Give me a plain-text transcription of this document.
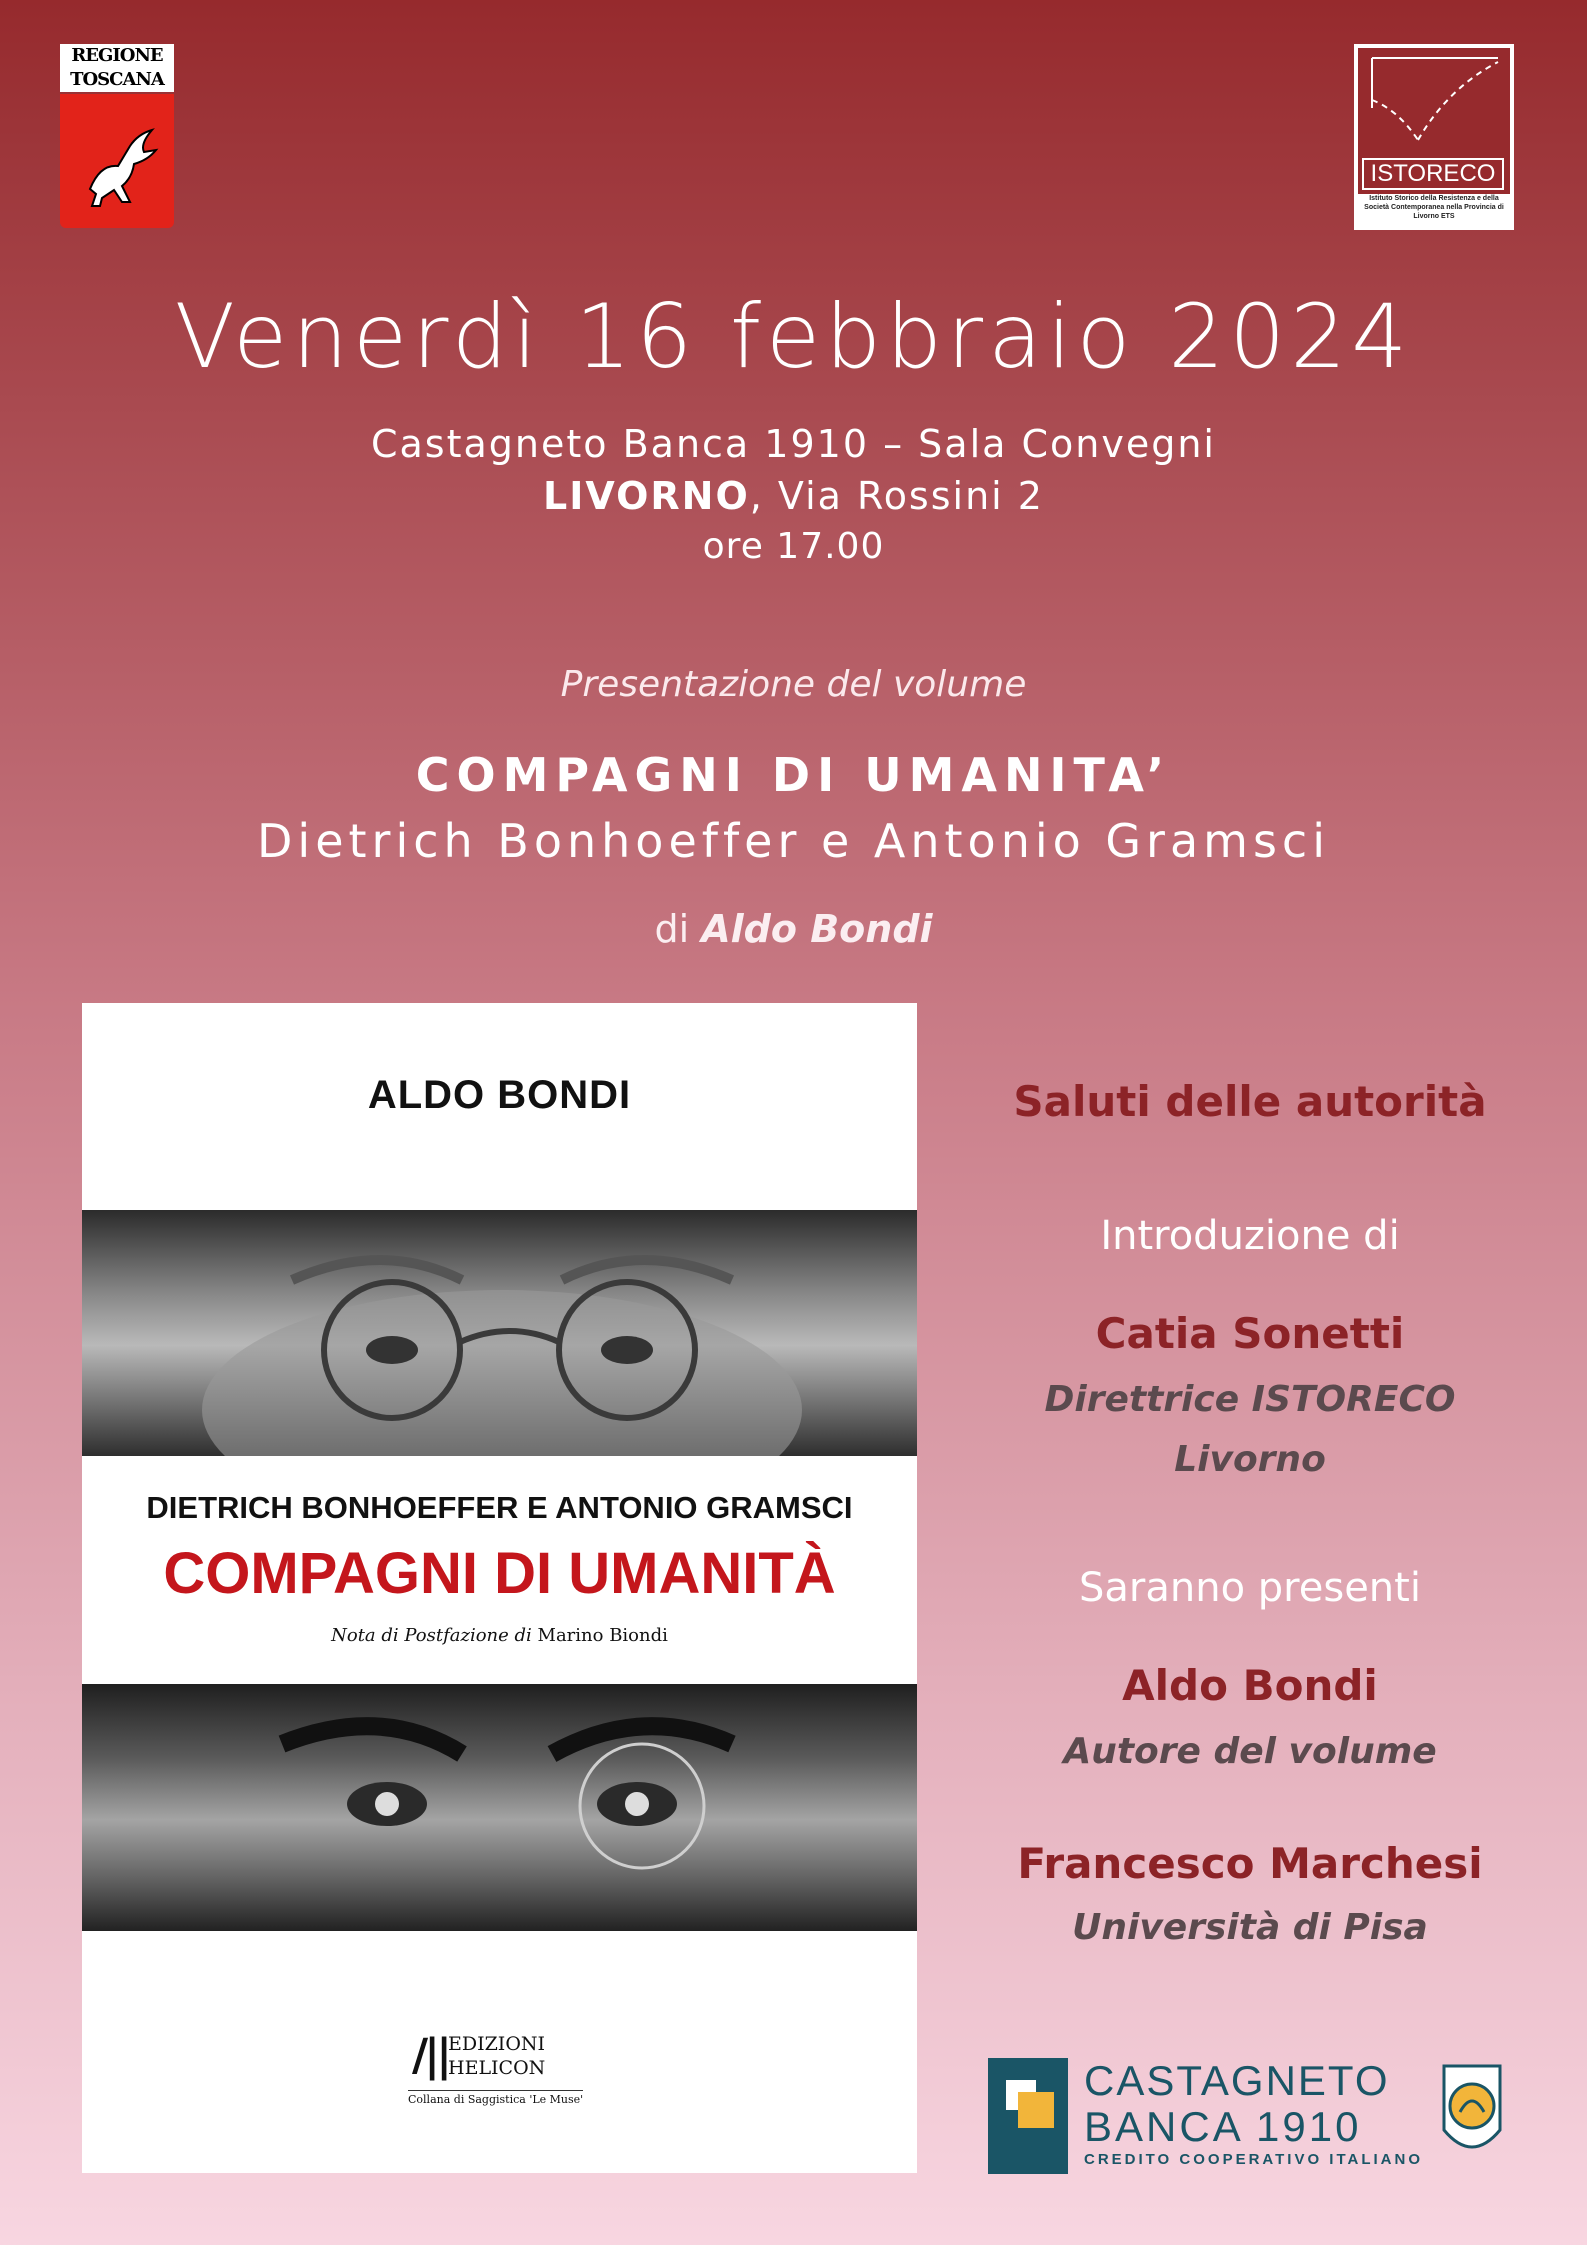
REGIONE
TOSCANA
ISTORECO
Istituto Storico della Resistenza e della Società Contemporanea nella Provincia di Livorno ETS
Venerdì 16 febbraio 2024
Castagneto Banca 1910 – Sala Convegni
LIVORNO, Via Rossini 2
ore 17.00
Presentazione del volume
COMPAGNI DI UMANITA’
Dietrich Bonhoeffer e Antonio Gramsci
di Aldo Bondi
ALDO BONDI
DIETRICH BONHOEFFER E ANTONIO GRAMSCI
COMPAGNI DI UMANITÀ
Nota di Postfazione di Marino Biondi
/|| EDIZIONI
HELICON
Collana di Saggistica 'Le Muse'
Saluti delle autorità
Introduzione di
Catia Sonetti
Direttrice ISTORECO
Livorno
Saranno presenti
Aldo Bondi
Autore del volume
Francesco Marchesi
Università di Pisa
CASTAGNETO
BANCA 1910
CREDITO COOPERATIVO ITALIANO
